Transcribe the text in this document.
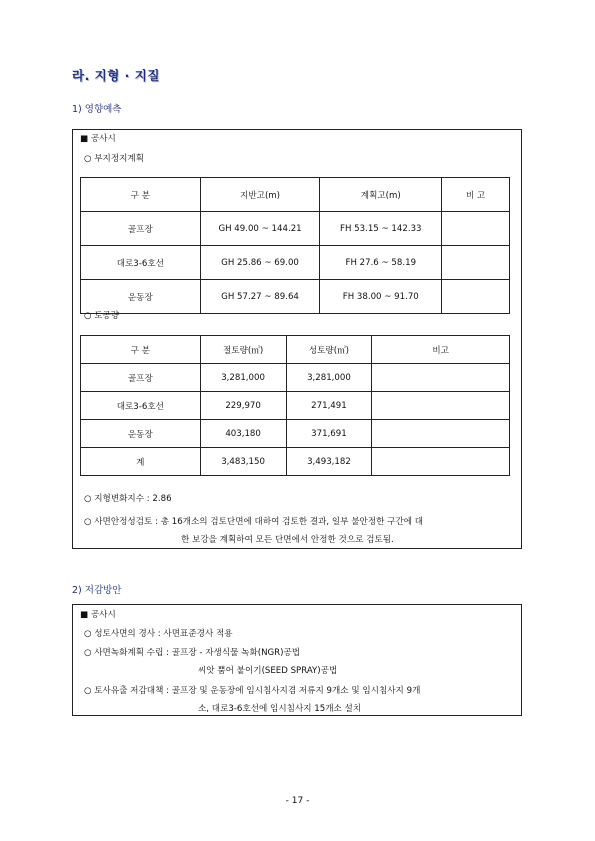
라. 지형 · 지질
1) 영향예측
■ 공사시
○ 부지정지계획
구 분	지반고(m)	계획고(m)	비 고
골프장	GH 49.00 ~ 144.21	FH 53.15 ~ 142.33	
대로3-6호선	GH 25.86 ~ 69.00	FH 27.6 ~ 58.19	
운동장	GH 57.27 ~ 89.64	FH 38.00 ~ 91.70	
○ 토공량
구 분	절토량(㎥)	성토량(㎥)	비고
골프장	3,281,000	3,281,000	
대로3-6호선	229,970	271,491	
운동장	403,180	371,691	
계	3,483,150	3,493,182	
○ 지형변화지수 : 2.86
○ 사면안정성검토 : 총 16개소의 검토단면에 대하여 검토한 결과, 일부 불안정한 구간에 대
한 보강을 계획하여 모든 단면에서 안정한 것으로 검토됨.
2) 저감방안
■ 공사시
○ 성토사면의 경사 : 사면표준경사 적용
○ 사면녹화계획 수립 : 골프장 - 자생식물 녹화(NGR)공법
씨앗 뿜어 붙이기(SEED SPRAY)공법
○ 토사유출 저감대책 : 골프장 및 운동장에 임시침사지겸 저류지 9개소 및 임시침사지 9개
소, 대로3-6호선에 임시침사지 15개소 설치
- 17 -
